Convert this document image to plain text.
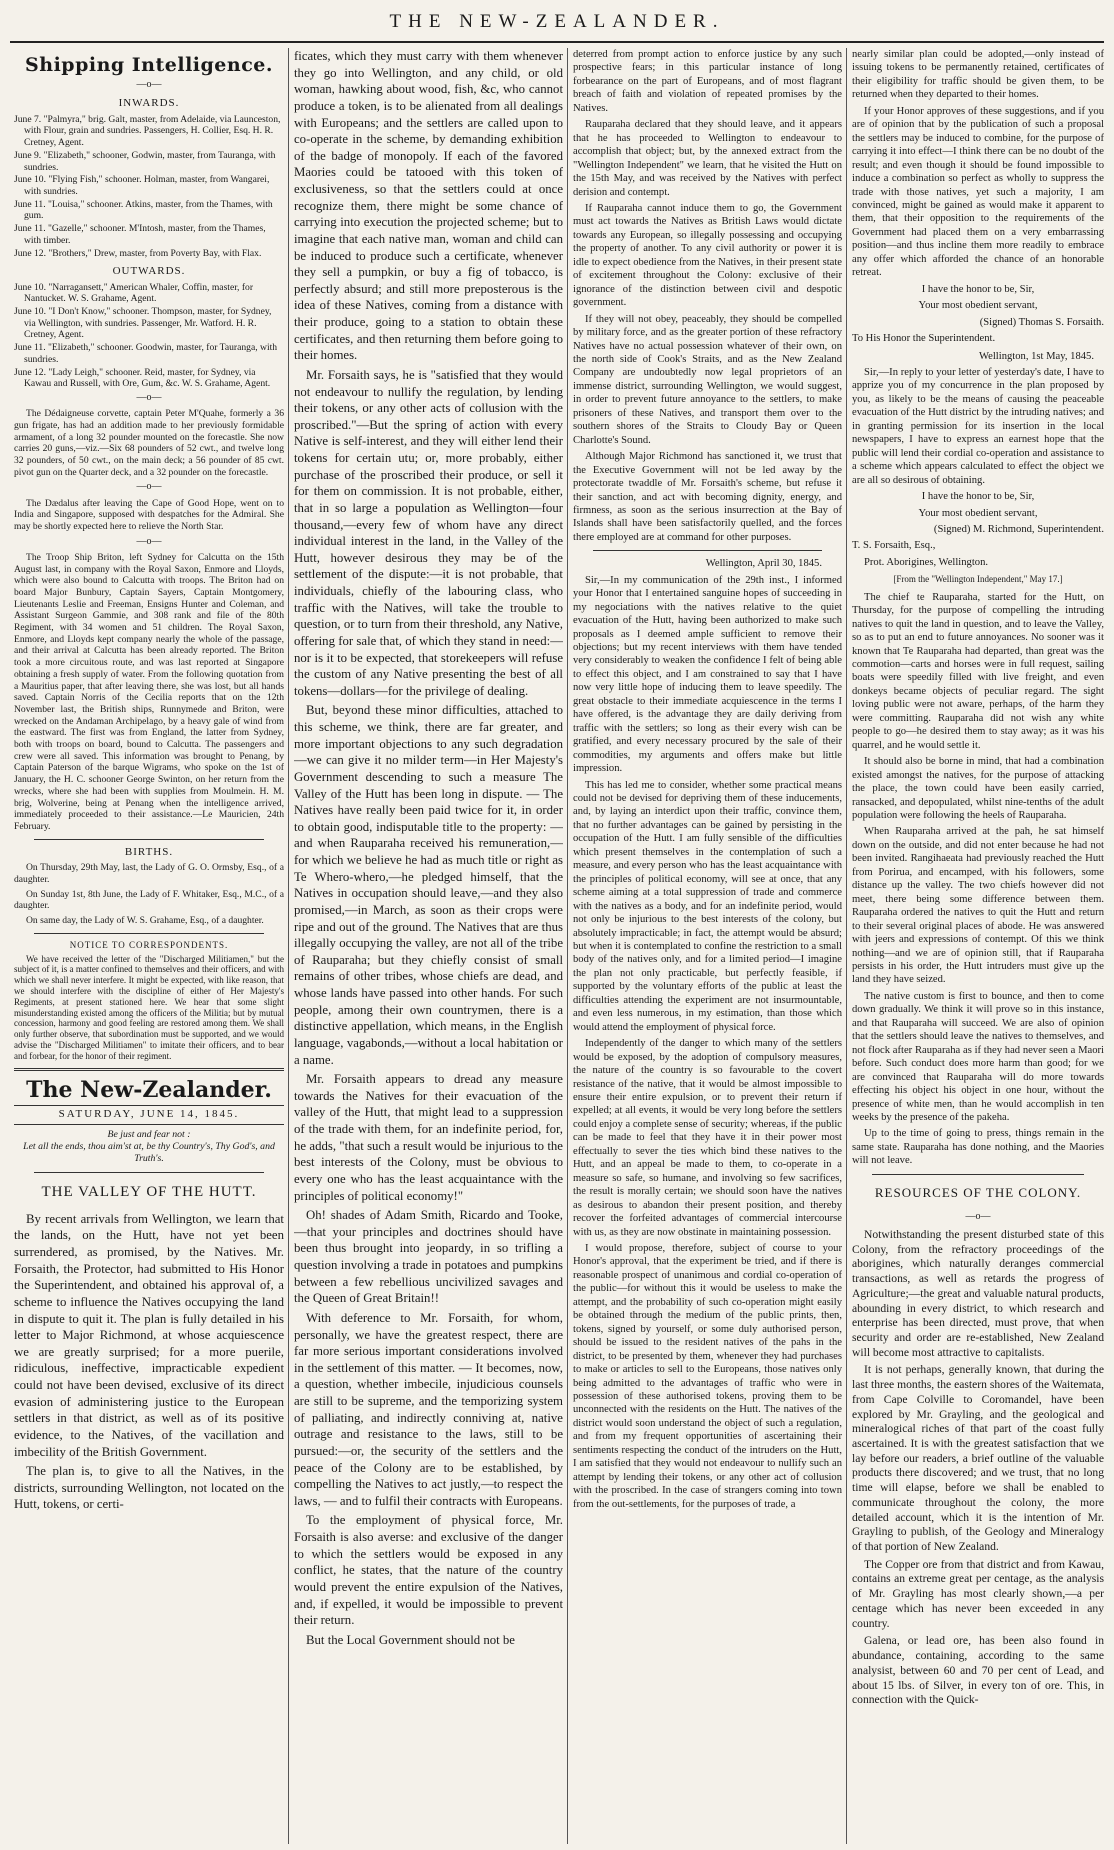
THE NEW-ZEALANDER.
Shipping Intelligence.
—o—
INWARDS.
June 7. "Palmyra," brig. Galt, master, from Adelaide, via Launceston, with Flour, grain and sundries. Passengers, H. Collier, Esq. H. R. Cretney, Agent.
June 9. "Elizabeth," schooner, Godwin, master, from Tauranga, with sundries.
June 10. "Flying Fish," schooner. Holman, master, from Wangarei, with sundries.
June 11. "Louisa," schooner. Atkins, master, from the Thames, with gum.
June 11. "Gazelle," schooner. M'Intosh, master, from the Thames, with timber.
June 12. "Brothers," Drew, master, from Poverty Bay, with Flax.
OUTWARDS.
June 10. "Narragansett," American Whaler, Coffin, master, for Nantucket. W. S. Grahame, Agent.
June 10. "I Don't Know," schooner. Thompson, master, for Sydney, via Wellington, with sundries. Passenger, Mr. Watford. H. R. Cretney, Agent.
June 11. "Elizabeth," schooner. Goodwin, master, for Tauranga, with sundries.
June 12. "Lady Leigh," schooner. Reid, master, for Sydney, via Kawau and Russell, with Ore, Gum, &c. W. S. Grahame, Agent.
—o—

The Dédaigneuse corvette, captain Peter M'Quahe, formerly a 36 gun frigate, has had an addition made to her previously formidable armament, of a long 32 pounder mounted on the forecastle. She now carries 20 guns,—viz.—Six 68 pounders of 52 cwt., and twelve long 32 pounders, of 50 cwt., on the main deck; a 56 pounder of 85 cwt. pivot gun on the Quarter deck, and a 32 pounder on the forecastle.

—o—

The Dædalus after leaving the Cape of Good Hope, went on to India and Singapore, supposed with despatches for the Admiral. She may be shortly expected here to relieve the North Star.

—o—

The Troop Ship Briton, left Sydney for Calcutta on the 15th August last, in company with the Royal Saxon, Enmore and Lloyds, which were also bound to Calcutta with troops. The Briton had on board Major Bunbury, Captain Sayers, Captain Montgomery, Lieutenants Leslie and Freeman, Ensigns Hunter and Coleman, and Assistant Surgeon Gammie, and 308 rank and file of the 80th Regiment, with 34 women and 51 children. The Royal Saxon, Enmore, and Lloyds kept company nearly the whole of the passage, and their arrival at Calcutta has been already reported. The Briton took a more circuitous route, and was last reported at Singapore obtaining a fresh supply of water. From the following quotation from a Mauritius paper, that after leaving there, she was lost, but all hands saved. Captain Norris of the Cecilia reports that on the 12th November last, the British ships, Runnymede and Briton, were wrecked on the Andaman Archipelago, by a heavy gale of wind from the eastward. The first was from England, the latter from Sydney, both with troops on board, bound to Calcutta. The passengers and crew were all saved. This information was brought to Penang, by Captain Paterson of the barque Wigrams, who spoke on the 1st of January, the H. C. schooner George Swinton, on her return from the wrecks, where she had been with supplies from Moulmein. H. M. brig, Wolverine, being at Penang when the intelligence arrived, immediately proceeded to their assistance.—Le Mauricien, 24th February.

BIRTHS.

On Thursday, 29th May, last, the Lady of G. O. Ormsby, Esq., of a daughter.

On Sunday 1st, 8th June, the Lady of F. Whitaker, Esq., M.C., of a daughter.

On same day, the Lady of W. S. Grahame, Esq., of a daughter.

NOTICE TO CORRESPONDENTS.

We have received the letter of the "Discharged Militiamen," but the subject of it, is a matter confined to themselves and their officers, and with which we shall never interfere. It might be expected, with like reason, that we should interfere with the discipline of either of Her Majesty's Regiments, at present stationed here. We hear that some slight misunderstanding existed among the officers of the Militia; but by mutual concession, harmony and good feeling are restored among them. We shall only further observe, that subordination must be supported, and we would advise the "Discharged Militiamen" to imitate their officers, and to bear and forbear, for the honor of their regiment.

The New-Zealander.
SATURDAY, JUNE 14, 1845.
Be just and fear not :
Let all the ends, thou aim'st at, be thy Country's, Thy God's, and Truth's.
THE VALLEY OF THE HUTT.

By recent arrivals from Wellington, we learn that the lands, on the Hutt, have not yet been surrendered, as promised, by the Natives. Mr. Forsaith, the Protector, had submitted to His Honor the Superintendent, and obtained his approval of, a scheme to influence the Natives occupying the land in dispute to quit it. The plan is fully detailed in his letter to Major Richmond, at whose acquiescence we are greatly surprised; for a more puerile, ridiculous, ineffective, impracticable expedient could not have been devised, exclusive of its direct evasion of administering justice to the European settlers in that district, as well as of its positive evidence, to the Natives, of the vacillation and imbecility of the British Government.

The plan is, to give to all the Natives, in the districts, surrounding Wellington, not located on the Hutt, tokens, or certi-

ficates, which they must carry with them whenever they go into Wellington, and any child, or old woman, hawking about wood, fish, &c, who cannot produce a token, is to be alienated from all dealings with Europeans; and the settlers are called upon to co-operate in the scheme, by demanding exhibition of the badge of monopoly. If each of the favored Maories could be tatooed with this token of exclusiveness, so that the settlers could at once recognize them, there might be some chance of carrying into execution the projected scheme; but to imagine that each native man, woman and child can be induced to produce such a certificate, whenever they sell a pumpkin, or buy a fig of tobacco, is perfectly absurd; and still more preposterous is the idea of these Natives, coming from a distance with their produce, going to a station to obtain these certificates, and then returning them before going to their homes.

Mr. Forsaith says, he is "satisfied that they would not endeavour to nullify the regulation, by lending their tokens, or any other acts of collusion with the proscribed."—But the spring of action with every Native is self-interest, and they will either lend their tokens for certain utu; or, more probably, either purchase of the proscribed their produce, or sell it for them on commission. It is not probable, either, that in so large a population as Wellington—four thousand,—every few of whom have any direct individual interest in the land, in the Valley of the Hutt, however desirous they may be of the settlement of the dispute:—it is not probable, that individuals, chiefly of the labouring class, who traffic with the Natives, will take the trouble to question, or to turn from their threshold, any Native, offering for sale that, of which they stand in need:—nor is it to be expected, that storekeepers will refuse the custom of any Native presenting the best of all tokens—dollars—for the privilege of dealing.

But, beyond these minor difficulties, attached to this scheme, we think, there are far greater, and more important objections to any such degradation—we can give it no milder term—in Her Majesty's Government descending to such a measure The Valley of the Hutt has been long in dispute. — The Natives have really been paid twice for it, in order to obtain good, indisputable title to the property: — and when Rauparaha received his remuneration,—for which we believe he had as much title or right as Te Whero-whero,—he pledged himself, that the Natives in occupation should leave,—and they also promised,—in March, as soon as their crops were ripe and out of the ground. The Natives that are thus illegally occupying the valley, are not all of the tribe of Rauparaha; but they chiefly consist of small remains of other tribes, whose chiefs are dead, and whose lands have passed into other hands. For such people, among their own countrymen, there is a distinctive appellation, which means, in the English language, vagabonds,—without a local habitation or a name.

Mr. Forsaith appears to dread any measure towards the Natives for their evacuation of the valley of the Hutt, that might lead to a suppression of the trade with them, for an indefinite period, for, he adds, "that such a result would be injurious to the best interests of the Colony, must be obvious to every one who has the least acquaintance with the principles of political economy!"

Oh! shades of Adam Smith, Ricardo and Tooke,—that your principles and doctrines should have been thus brought into jeopardy, in so trifling a question involving a trade in potatoes and pumpkins between a few rebellious uncivilized savages and the Queen of Great Britain!!

With deference to Mr. Forsaith, for whom, personally, we have the greatest respect, there are far more serious important considerations involved in the settlement of this matter. — It becomes, now, a question, whether imbecile, injudicious counsels are still to be supreme, and the temporizing system of palliating, and indirectly conniving at, native outrage and resistance to the laws, still to be pursued:—or, the security of the settlers and the peace of the Colony are to be established, by compelling the Natives to act justly,—to respect the laws, — and to fulfil their contracts with Europeans.

To the employment of physical force, Mr. Forsaith is also averse: and exclusive of the danger to which the settlers would be exposed in any conflict, he states, that the nature of the country would prevent the entire expulsion of the Natives, and, if expelled, it would be impossible to prevent their return.

But the Local Government should not be

deterred from prompt action to enforce justice by any such prospective fears; in this particular instance of long forbearance on the part of Europeans, and of most flagrant breach of faith and violation of repeated promises by the Natives.

Rauparaha declared that they should leave, and it appears that he has proceeded to Wellington to endeavour to accomplish that object; but, by the annexed extract from the "Wellington Independent" we learn, that he visited the Hutt on the 15th May, and was received by the Natives with perfect derision and contempt.

If Rauparaha cannot induce them to go, the Government must act towards the Natives as British Laws would dictate towards any European, so illegally possessing and occupying the property of another. To any civil authority or power it is idle to expect obedience from the Natives, in their present state of excitement throughout the Colony: exclusive of their ignorance of the distinction between civil and despotic government.

If they will not obey, peaceably, they should be compelled by military force, and as the greater portion of these refractory Natives have no actual possession whatever of their own, on the north side of Cook's Straits, and as the New Zealand Company are undoubtedly now legal proprietors of an immense district, surrounding Wellington, we would suggest, in order to prevent future annoyance to the settlers, to make prisoners of these Natives, and transport them over to the southern shores of the Straits to Cloudy Bay or Queen Charlotte's Sound.

Although Major Richmond has sanctioned it, we trust that the Executive Government will not be led away by the protectorate twaddle of Mr. Forsaith's scheme, but refuse it their sanction, and act with becoming dignity, energy, and firmness, as soon as the serious insurrection at the Bay of Islands shall have been satisfactorily quelled, and the forces there employed are at command for other purposes.

Wellington, April 30, 1845.

Sir,—In my communication of the 29th inst., I informed your Honor that I entertained sanguine hopes of succeeding in my negociations with the natives relative to the quiet evacuation of the Hutt, having been authorized to make such proposals as I deemed ample sufficient to remove their objections; but my recent interviews with them have tended very considerably to weaken the confidence I felt of being able to effect this object, and I am constrained to say that I have now very little hope of inducing them to leave speedily. The great obstacle to their immediate acquiescence in the terms I have offered, is the advantage they are daily deriving from traffic with the settlers; so long as their every wish can be gratified, and every necessary procured by the sale of their commodities, my arguments and offers make but little impression.

This has led me to consider, whether some practical means could not be devised for depriving them of these inducements, and, by laying an interdict upon their traffic, convince them, that no further advantages can be gained by persisting in the occupation of the Hutt. I am fully sensible of the difficulties which present themselves in the contemplation of such a measure, and every person who has the least acquaintance with the principles of political economy, will see at once, that any scheme aiming at a total suppression of trade and commerce with the natives as a body, and for an indefinite period, would not only be injurious to the best interests of the colony, but absolutely impracticable; in fact, the attempt would be absurd; but when it is contemplated to confine the restriction to a small body of the natives only, and for a limited period—I imagine the plan not only practicable, but perfectly feasible, if supported by the voluntary efforts of the public at least the difficulties attending the experiment are not insurmountable, and even less numerous, in my estimation, than those which would attend the employment of physical force.

Independently of the danger to which many of the settlers would be exposed, by the adoption of compulsory measures, the nature of the country is so favourable to the covert resistance of the native, that it would be almost impossible to ensure their entire expulsion, or to prevent their return if expelled; at all events, it would be very long before the settlers could enjoy a complete sense of security; whereas, if the public can be made to feel that they have it in their power most effectually to sever the ties which bind these natives to the Hutt, and an appeal be made to them, to co-operate in a measure so safe, so humane, and involving so few sacrifices, the result is morally certain; we should soon have the natives as desirous to abandon their present position, and thereby recover the forfeited advantages of commercial intercourse with us, as they are now obstinate in maintaining possession.

I would propose, therefore, subject of course to your Honor's approval, that the experiment be tried, and if there is reasonable prospect of unanimous and cordial co-operation of the public—for without this it would be useless to make the attempt, and the probability of such co-operation might easily be obtained through the medium of the public prints, then, tokens, signed by yourself, or some duly authorised person, should be issued to the resident natives of the pahs in the district, to be presented by them, whenever they had purchases to make or articles to sell to the Europeans, those natives only being admitted to the advantages of traffic who were in possession of these authorised tokens, proving them to be unconnected with the residents on the Hutt. The natives of the district would soon understand the object of such a regulation, and from my frequent opportunities of ascertaining their sentiments respecting the conduct of the intruders on the Hutt, I am satisfied that they would not endeavour to nullify such an attempt by lending their tokens, or any other act of collusion with the proscribed. In the case of strangers coming into town from the out-settlements, for the purposes of trade, a

nearly similar plan could be adopted,—only instead of issuing tokens to be permanently retained, certificates of their eligibility for traffic should be given them, to be returned when they departed to their homes.

If your Honor approves of these suggestions, and if you are of opinion that by the publication of such a proposal the settlers may be induced to combine, for the purpose of carrying it into effect—I think there can be no doubt of the result; and even though it should be found impossible to induce a combination so perfect as wholly to suppress the trade with those natives, yet such a majority, I am convinced, might be gained as would make it apparent to them, that their opposition to the requirements of the Government had placed them on a very embarrassing position—and thus incline them more readily to embrace any offer which afforded the chance of an honorable retreat.

I have the honor to be, Sir,

Your most obedient servant,

(Signed) Thomas S. Forsaith.

To His Honor the Superintendent.

Wellington, 1st May, 1845.

Sir,—In reply to your letter of yesterday's date, I have to apprize you of my concurrence in the plan proposed by you, as likely to be the means of causing the peaceable evacuation of the Hutt district by the intruding natives; and in granting permission for its insertion in the local newspapers, I have to express an earnest hope that the public will lend their cordial co-operation and assistance to a scheme which appears calculated to effect the object we are all so desirous of obtaining.

I have the honor to be, Sir,

Your most obedient servant,

(Signed) M. Richmond, Superintendent.

T. S. Forsaith, Esq.,

Prot. Aborigines, Wellington.

[From the "Wellington Independent," May 17.]

The chief te Rauparaha, started for the Hutt, on Thursday, for the purpose of compelling the intruding natives to quit the land in question, and to leave the Valley, so as to put an end to future annoyances. No sooner was it known that Te Rauparaha had departed, than great was the commotion—carts and horses were in full request, sailing boats were speedily filled with live freight, and even donkeys became objects of peculiar regard. The sight loving public were not aware, perhaps, of the harm they were committing. Rauparaha did not wish any white people to go—he desired them to stay away; as it was his quarrel, and he would settle it.

It should also be borne in mind, that had a combination existed amongst the natives, for the purpose of attacking the place, the town could have been easily carried, ransacked, and depopulated, whilst nine-tenths of the adult population were following the heels of Rauparaha.

When Rauparaha arrived at the pah, he sat himself down on the outside, and did not enter because he had not been invited. Rangihaeata had previously reached the Hutt from Porirua, and encamped, with his followers, some distance up the valley. The two chiefs however did not meet, there being some difference between them. Rauparaha ordered the natives to quit the Hutt and return to their several original places of abode. He was answered with jeers and expressions of contempt. Of this we think nothing—and we are of opinion still, that if Rauparaha persists in his order, the Hutt intruders must give up the land they have seized.

The native custom is first to bounce, and then to come down gradually. We think it will prove so in this instance, and that Rauparaha will succeed. We are also of opinion that the settlers should leave the natives to themselves, and not flock after Rauparaha as if they had never seen a Maori before. Such conduct does more harm than good; for we are convinced that Rauparaha will do more towards effecting his object his object in one hour, without the presence of white men, than he would accomplish in ten weeks by the presence of the pakeha.

Up to the time of going to press, things remain in the same state. Rauparaha has done nothing, and the Maories will not leave.

RESOURCES OF THE COLONY.
—o—

Notwithstanding the present disturbed state of this Colony, from the refractory proceedings of the aborigines, which naturally deranges commercial transactions, as well as retards the progress of Agriculture;—the great and valuable natural products, abounding in every district, to which research and enterprise has been directed, must prove, that when security and order are re-established, New Zealand will become most attractive to capitalists.

It is not perhaps, generally known, that during the last three months, the eastern shores of the Waitemata, from Cape Colville to Coromandel, have been explored by Mr. Grayling, and the geological and mineralogical riches of that part of the coast fully ascertained. It is with the greatest satisfaction that we lay before our readers, a brief outline of the valuable products there discovered; and we trust, that no long time will elapse, before we shall be enabled to communicate throughout the colony, the more detailed account, which it is the intention of Mr. Grayling to publish, of the Geology and Mineralogy of that portion of New Zealand.

The Copper ore from that district and from Kawau, contains an extreme great per centage, as the analysis of Mr. Grayling has most clearly shown,—a per centage which has never been exceeded in any country.

Galena, or lead ore, has been also found in abundance, containing, according to the same analysist, between 60 and 70 per cent of Lead, and about 15 lbs. of Silver, in every ton of ore. This, in connection with the Quick-
